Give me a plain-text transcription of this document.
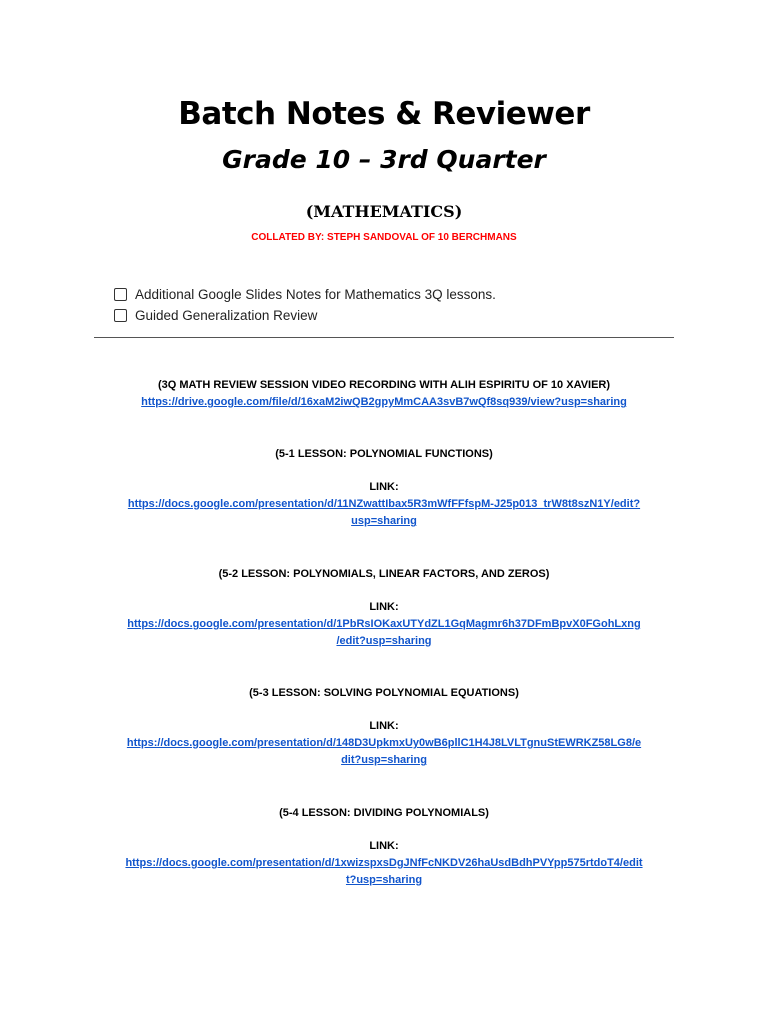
Batch Notes & Reviewer
Grade 10 – 3rd Quarter
(MATHEMATICS)
COLLATED BY: STEPH SANDOVAL OF 10 BERCHMANS
Additional Google Slides Notes for Mathematics 3Q lessons.
Guided Generalization Review
(3Q MATH REVIEW SESSION VIDEO RECORDING WITH ALIH ESPIRITU OF 10 XAVIER)
https://drive.google.com/file/d/16xaM2iwQB2gpyMmCAA3svB7wQf8sq939/view?usp=sharing
(5-1 LESSON: POLYNOMIAL FUNCTIONS)
LINK:
https://docs.google.com/presentation/d/11NZwattIbax5R3mWfFFfspM-J25p013_trW8t8szN1Y/edit?
usp=sharing
(5-2 LESSON: POLYNOMIALS, LINEAR FACTORS, AND ZEROS)
LINK:
https://docs.google.com/presentation/d/1PbRsIOKaxUTYdZL1GqMagmr6h37DFmBpvX0FGohLxng
/edit?usp=sharing
(5-3 LESSON: SOLVING POLYNOMIAL EQUATIONS)
LINK:
https://docs.google.com/presentation/d/148D3UpkmxUy0wB6pllC1H4J8LVLTgnuStEWRKZ58LG8/e
dit?usp=sharing
(5-4 LESSON: DIVIDING POLYNOMIALS)
LINK:
https://docs.google.com/presentation/d/1xwizspxsDgJNfFcNKDV26haUsdBdhPVYpp575rtdoT4/edit
t?usp=sharing
